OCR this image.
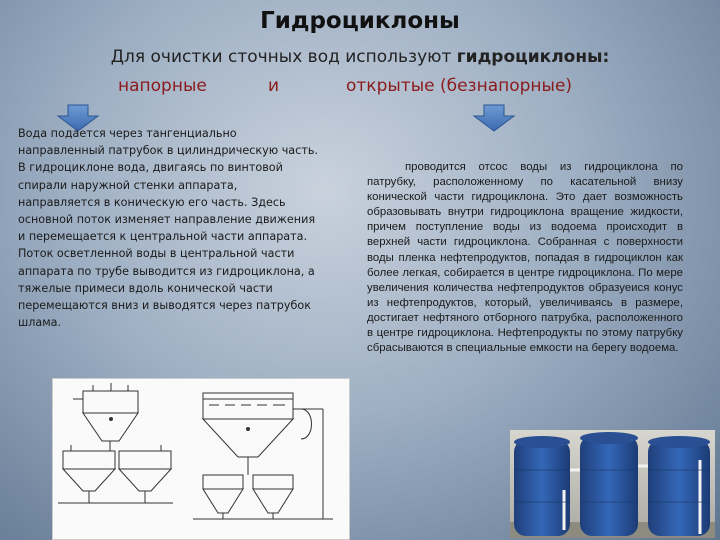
Гидроциклоны
Для очистки сточных вод используют гидроциклоны:
напорные	и	открытые (безнапорные)
Вода подается через тангенциально направленный патрубок в цилиндрическую часть. В гидроциклоне вода, двигаясь по винтовой спирали наружной стенки аппарата, направляется в коническую его часть. Здесь основной поток изменяет направление движения и перемещается к центральной части аппарата. Поток осветленной воды в центральной части аппарата по трубе выводится из гидроциклона, а тяжелые примеси вдоль конической части перемещаются вниз и выводятся через патрубок шлама.
проводится отсос воды из гидроциклона по патрубку, расположенному по касательной внизу конической части гидроциклона. Это дает возможность образовывать внутри гидроциклона вращение жидкости, причем поступление воды из водоема происходит в верхней части гидроциклона. Собранная с поверхности воды пленка нефтепродуктов, попадая в гидроциклон как более легкая, собирается в центре гидроциклона. По мере увеличения количества нефтепродуктов образуеися конус из нефтепродуктов, который, увеличиваясь в размере, достигает нефтяного отборного патрубка, расположенного в центре гидроциклона. Нефтепродукты по этому патрубку сбрасываются в специальные емкости на берегу водоема.
